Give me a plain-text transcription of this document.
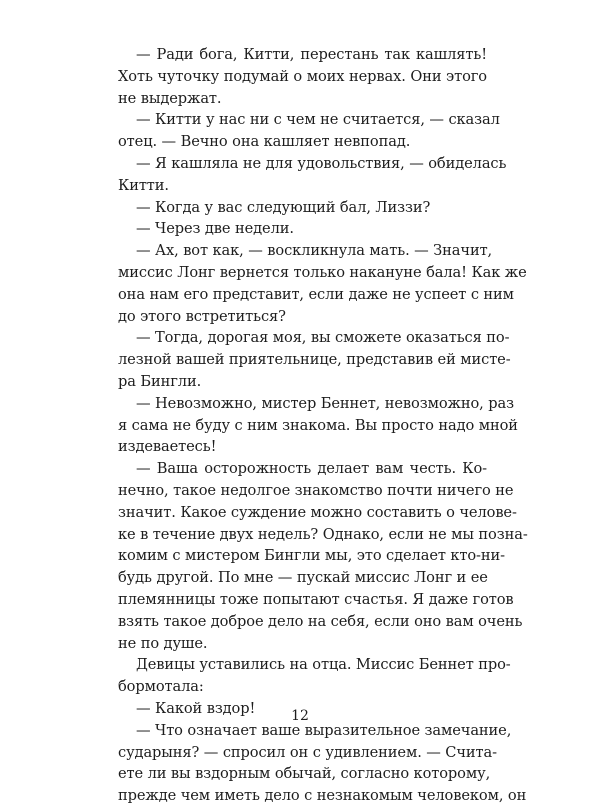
— Ради бога, Китти, перестань так кашлять!
Хоть чуточку подумай о моих нервах. Они этого
не выдержат.
— Китти у нас ни с чем не считается, — сказал
отец. — Вечно она кашляет невпопад.
— Я кашляла не для удовольствия, — обиделась
Китти.
— Когда у вас следующий бал, Лиззи?
— Через две недели.
— Ах, вот как, — воскликнула мать. — Значит,
миссис Лонг вернется только накануне бала! Как же
она нам его представит, если даже не успеет с ним
до этого встретиться?
— Тогда, дорогая моя, вы сможете оказаться по-
лезной вашей приятельнице, представив ей мисте-
ра Бингли.
— Невозможно, мистер Беннет, невозможно, раз
я сама не буду с ним знакома. Вы просто надо мной
издеваетесь!
— Ваша осторожность делает вам честь. Ко-
нечно, такое недолгое знакомство почти ничего не
значит. Какое суждение можно составить о челове-
ке в течение двух недель? Однако, если не мы позна-
комим с мистером Бингли мы, это сделает кто-ни-
будь другой. По мне — пускай миссис Лонг и ее
племянницы тоже попытают счастья. Я даже готов
взять такое доброе дело на себя, если оно вам очень
не по душе.
Девицы уставились на отца. Миссис Беннет про-
бормотала:
— Какой вздор!
— Что означает ваше выразительное замечание,
сударыня? — спросил он с удивлением. — Счита-
ете ли вы вздорным обычай, согласно которому,
прежде чем иметь дело с незнакомым человеком, он
12
